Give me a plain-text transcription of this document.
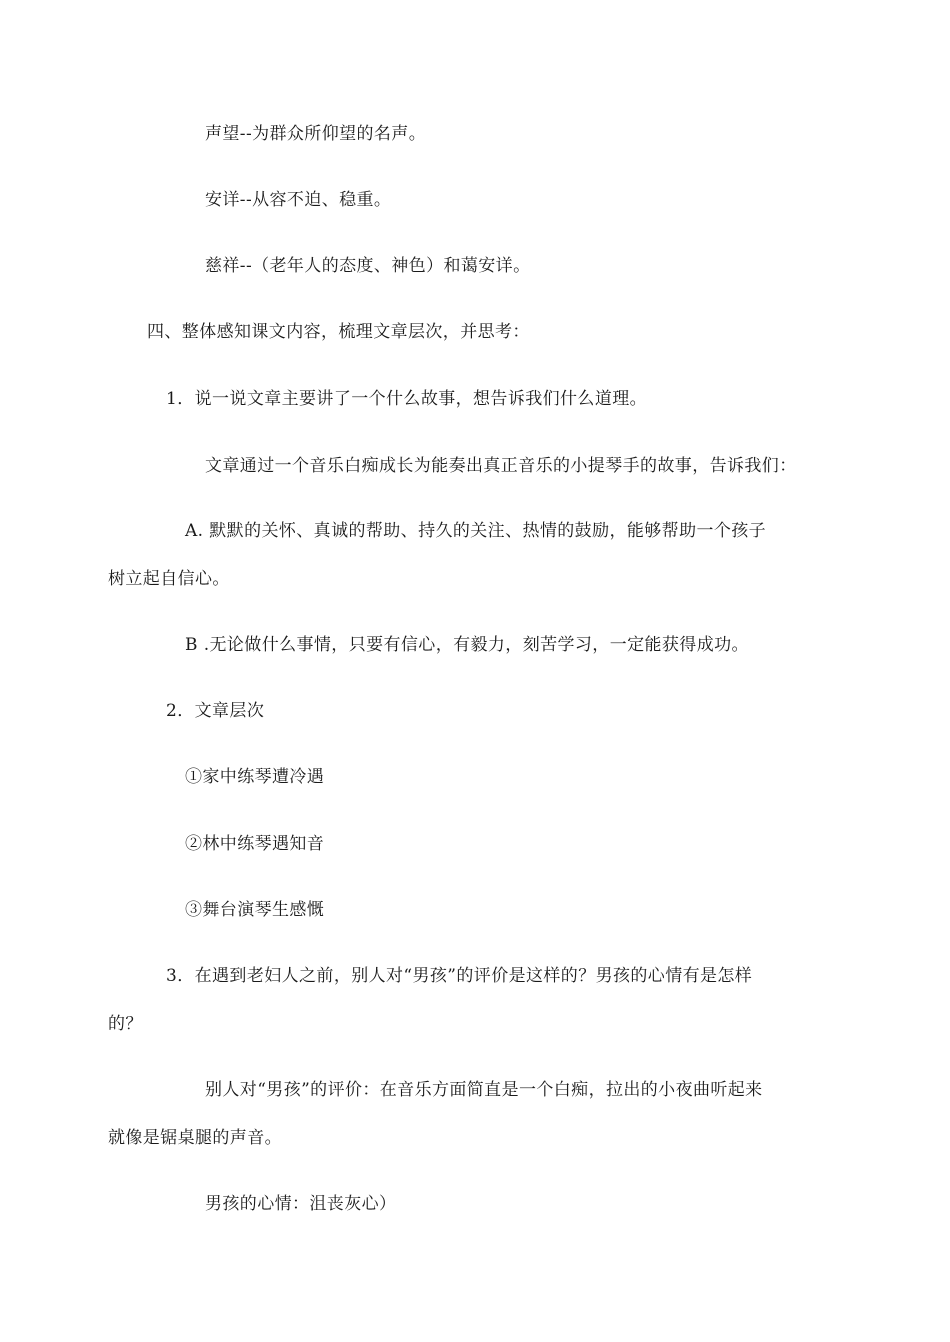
声望--为群众所仰望的名声。
安详--从容不迫、稳重。
慈祥--（老年人的态度、神色）和蔼安详。
四、整体感知课文内容，梳理文章层次，并思考：
1．说一说文章主要讲了一个什么故事，想告诉我们什么道理。
文章通过一个音乐白痴成长为能奏出真正音乐的小提琴手的故事，告诉我们：
A. 默默的关怀、真诚的帮助、持久的关注、热情的鼓励，能够帮助一个孩子
树立起自信心。
B .无论做什么事情，只要有信心，有毅力，刻苦学习，一定能获得成功。
2．文章层次
①家中练琴遭冷遇
②林中练琴遇知音
③舞台演琴生感慨
3．在遇到老妇人之前，别人对“男孩”的评价是这样的？男孩的心情有是怎样
的？
别人对“男孩”的评价：在音乐方面简直是一个白痴，拉出的小夜曲听起来
就像是锯桌腿的声音。
男孩的心情：沮丧灰心）
